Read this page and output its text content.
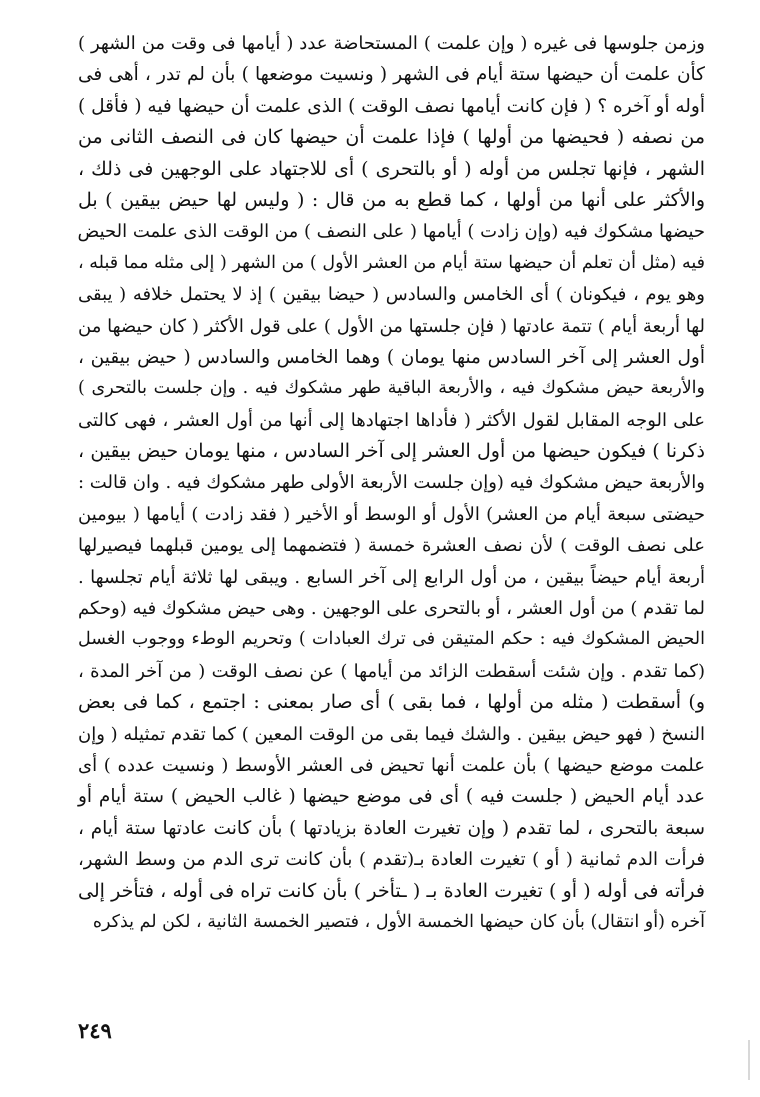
وزمن جلوسها فى غيره ( وإن علمت ) المستحاضة عدد ( أيامها فى وقت من الشهر )
كأن علمت أن حيضها ستة أيام فى الشهر ( ونسيت موضعها ) بأن لم تدر ، أهى فى
أوله أو آخره ؟ ( فإن كانت أيامها نصف الوقت ) الذى علمت أن حيضها فيه ( فأقل )
من نصفه ( فحيضها من أولها ) فإذا علمت أن حيضها كان فى النصف الثانى من
الشهر ، فإنها تجلس من أوله ( أو بالتحرى ) أى للاجتهاد على الوجهين فى ذلك ،
والأكثر على أنها من أولها ، كما قطع به من قال : ( وليس لها حيض بيقين ) بل
حيضها مشكوك فيه (وإن زادت ) أيامها ( على النصف ) من الوقت الذى علمت الحيض
فيه (مثل أن تعلم أن حيضها ستة أيام من العشر الأول ) من الشهر ( إلى مثله مما قبله ،
وهو يوم ، فيكونان ) أى الخامس والسادس ( حيضا بيقين ) إذ لا يحتمل خلافه ( يبقى
لها أربعة أيام ) تتمة عادتها ( فإن جلستها من الأول ) على قول الأكثر ( كان حيضها من
أول العشر إلى آخر السادس منها يومان ) وهما الخامس والسادس ( حيض بيقين ،
والأربعة حيض مشكوك فيه ، والأربعة الباقية طهر مشكوك فيه . وإن جلست بالتحرى )
على الوجه المقابل لقول الأكثر ( فأداها اجتهادها إلى أنها من أول العشر ، فهى كالتى
ذكرنا ) فيكون حيضها من أول العشر إلى آخر السادس ، منها يومان حيض بيقين ،
والأربعة حيض مشكوك فيه (وإن جلست الأربعة الأولى طهر مشكوك فيه . وان قالت :
حيضتى سبعة أيام من العشر) الأول أو الوسط أو الأخير ( فقد زادت ) أيامها ( بيومين
على نصف الوقت ) لأن نصف العشرة خمسة ( فتضمهما إلى يومين قبلهما فيصيرلها
أربعة أيام حيضاً بيقين ، من أول الرابع إلى آخر السابع . ويبقى لها ثلاثة أيام تجلسها .
لما تقدم ) من أول العشر ، أو بالتحرى على الوجهين . وهى حيض مشكوك فيه (وحكم
الحيض المشكوك فيه : حكم المتيقن فى ترك العبادات ) وتحريم الوطء ووجوب الغسل
(كما تقدم . وإن شئت أسقطت الزائد من أيامها ) عن نصف الوقت ( من آخر المدة ،
و) أسقطت ( مثله من أولها ، فما بقى ) أى صار بمعنى : اجتمع ، كما فى بعض
النسخ ( فهو حيض بيقين . والشك فيما بقى من الوقت المعين ) كما تقدم تمثيله ( وإن
علمت موضع حيضها ) بأن علمت أنها تحيض فى العشر الأوسط ( ونسيت عدده ) أى
عدد أيام الحيض ( جلست فيه ) أى فى موضع حيضها ( غالب الحيض ) ستة أيام أو
سبعة بالتحرى ، لما تقدم ( وإن تغيرت العادة بزيادتها ) بأن كانت عادتها ستة أيام ،
فرأت الدم ثمانية ( أو ) تغيرت العادة بـ(تقدم ) بأن كانت ترى الدم من وسط الشهر،
فرأته فى أوله ( أو ) تغيرت العادة بـ ( ـتأخر ) بأن كانت تراه فى أوله ، فتأخر إلى
آخره (أو انتقال) بأن كان حيضها الخمسة الأول ، فتصير الخمسة الثانية ، لكن لم يذكره
٢٤٩
